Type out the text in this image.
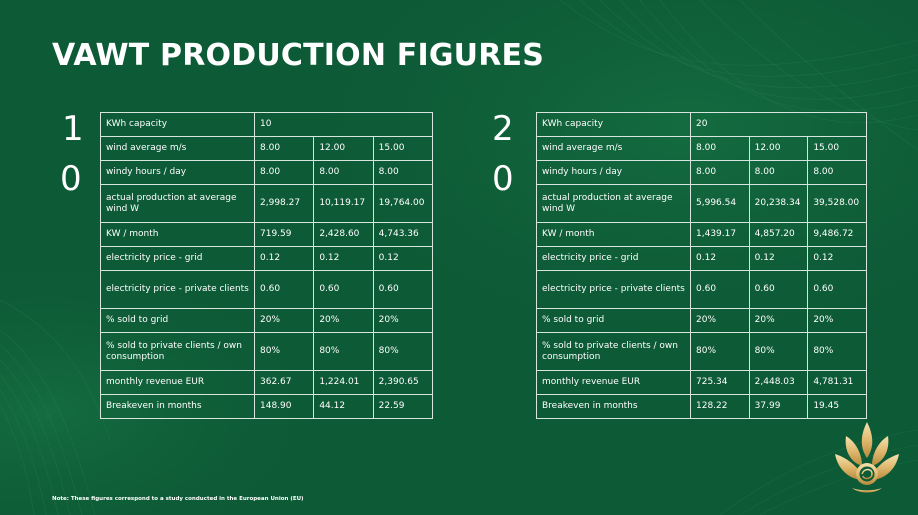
VAWT PRODUCTION FIGURES
1
0
KWh capacity	10		
wind average m/s	8.00	12.00	15.00
windy hours / day	8.00	8.00	8.00
actual production at average wind W	2,998.27	10,119.17	19,764.00
KW / month	719.59	2,428.60	4,743.36
electricity price - grid	0.12	0.12	0.12
electricity price - private clients	0.60	0.60	0.60
% sold to grid	20%	20%	20%
% sold to private clients / own consumption	80%	80%	80%
monthly revenue EUR	362.67	1,224.01	2,390.65
Breakeven in months	148.90	44.12	22.59
2
0
KWh capacity	20		
wind average m/s	8.00	12.00	15.00
windy hours / day	8.00	8.00	8.00
actual production at average wind W	5,996.54	20,238.34	39,528.00
KW / month	1,439.17	4,857.20	9,486.72
electricity price - grid	0.12	0.12	0.12
electricity price - private clients	0.60	0.60	0.60
% sold to grid	20%	20%	20%
% sold to private clients / own consumption	80%	80%	80%
monthly revenue EUR	725.34	2,448.03	4,781.31
Breakeven in months	128.22	37.99	19.45
Note: These figures correspond to a study conducted in the European Union (EU)
